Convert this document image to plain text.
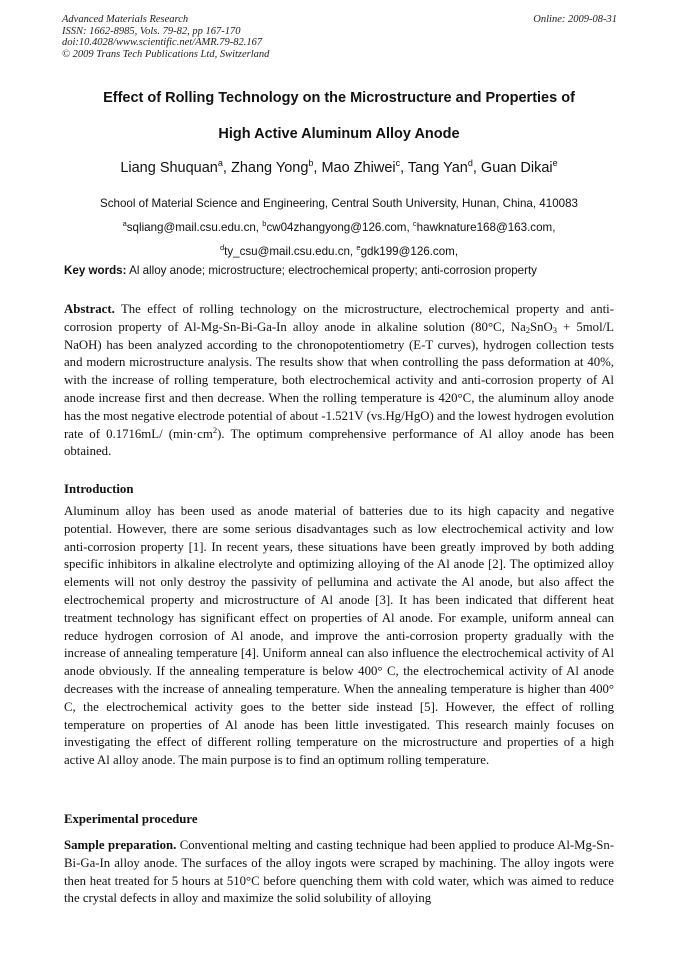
Advanced Materials Research
ISSN: 1662-8985, Vols. 79-82, pp 167-170
doi:10.4028/www.scientific.net/AMR.79-82.167
© 2009 Trans Tech Publications Ltd, Switzerland
Online: 2009-08-31
Effect of Rolling Technology on the Microstructure and Properties of
High Active Aluminum Alloy Anode
Liang Shuquan$^a$, Zhang Yong$^b$, Mao Zhiwei$^c$, Tang Yan$^d$, Guan Dikai$^e$
School of Material Science and Engineering, Central South University, Hunan, China, 410083
$^a$sqliang@mail.csu.edu.cn, $^b$cw04zhangyong@126.com, $^c$hawknature168@163.com,
$^d$ty_csu@mail.csu.edu.cn, $^e$gdk199@126.com,
Key words: Al alloy anode; microstructure; electrochemical property; anti-corrosion property
Abstract. The effect of rolling technology on the microstructure, electrochemical property and anti-corrosion property of Al-Mg-Sn-Bi-Ga-In alloy anode in alkaline solution (80°C, $Na_2SnO_3 + 5mol/L$ NaOH) has been analyzed according to the chronopotentiometry (E-T curves), hydrogen collection tests and modern microstructure analysis. The results show that when controlling the pass deformation at 40%, with the increase of rolling temperature, both electrochemical activity and anti-corrosion property of Al anode increase first and then decrease. When the rolling temperature is 420°C, the aluminum alloy anode has the most negative electrode potential of about -1.521V (vs.Hg/HgO) and the lowest hydrogen evolution rate of 0.1716mL/ $(\min\cdot cm^2)$. The optimum comprehensive performance of Al alloy anode has been obtained.
Introduction
Aluminum alloy has been used as anode material of batteries due to its high capacity and negative potential. However, there are some serious disadvantages such as low electrochemical activity and low anti-corrosion property [1]. In recent years, these situations have been greatly improved by both adding specific inhibitors in alkaline electrolyte and optimizing alloying of the Al anode [2]. The optimized alloy elements will not only destroy the passivity of pellumina and activate the Al anode, but also affect the electrochemical property and microstructure of Al anode [3]. It has been indicated that different heat treatment technology has significant effect on properties of Al anode. For example, uniform anneal can reduce hydrogen corrosion of Al anode, and improve the anti-corrosion property gradually with the increase of annealing temperature [4]. Uniform anneal can also influence the electrochemical activity of Al anode obviously. If the annealing temperature is below 400° C, the electrochemical activity of Al anode decreases with the increase of annealing temperature. When the annealing temperature is higher than 400° C, the electrochemical activity goes to the better side instead [5]. However, the effect of rolling temperature on properties of Al anode has been little investigated. This research mainly focuses on investigating the effect of different rolling temperature on the microstructure and properties of a high active Al alloy anode. The main purpose is to find an optimum rolling temperature.
Experimental procedure
Sample preparation. Conventional melting and casting technique had been applied to produce Al-Mg-Sn-Bi-Ga-In alloy anode. The surfaces of the alloy ingots were scraped by machining. The alloy ingots were then heat treated for 5 hours at 510°C before quenching them with cold water, which was aimed to reduce the crystal defects in alloy and maximize the solid solubility of alloying
